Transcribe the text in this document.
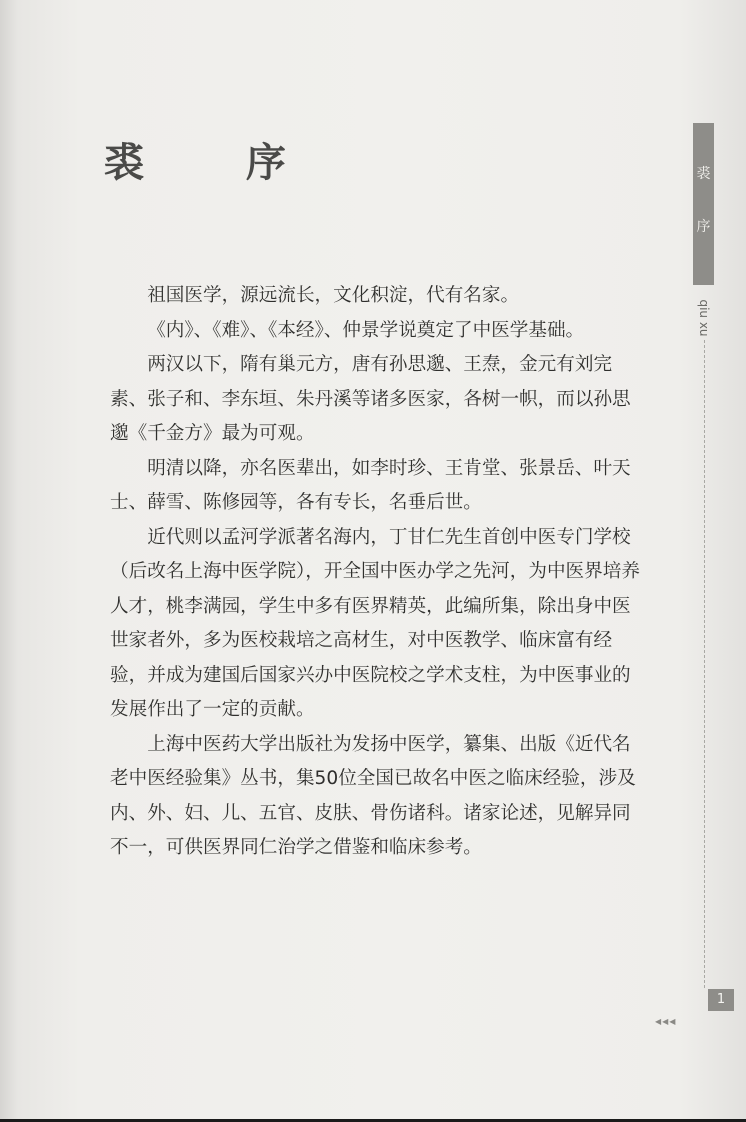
裘 序

祖国医学，源远流长，文化积淀，代有名家。

《内》、《难》、《本经》、仲景学说奠定了中医学基础。

两汉以下，隋有巢元方，唐有孙思邈、王焘，金元有刘完素、张子和、李东垣、朱丹溪等诸多医家，各树一帜，而以孙思邈《千金方》最为可观。

明清以降，亦名医辈出，如李时珍、王肯堂、张景岳、叶天士、薛雪、陈修园等，各有专长，名垂后世。

近代则以孟河学派著名海内，丁甘仁先生首创中医专门学校（后改名上海中医学院），开全国中医办学之先河，为中医界培养人才，桃李满园，学生中多有医界精英，此编所集，除出身中医世家者外，多为医校栽培之高材生，对中医教学、临床富有经验，并成为建国后国家兴办中医院校之学术支柱，为中医事业的发展作出了一定的贡献。

上海中医药大学出版社为发扬中医学，纂集、出版《近代名老中医经验集》丛书，集50位全国已故名中医之临床经验，涉及内、外、妇、儿、五官、皮肤、骨伤诸科。诸家论述，见解异同不一，可供医界同仁治学之借鉴和临床参考。

裘
序
qiu xu
1
◀◀◀
